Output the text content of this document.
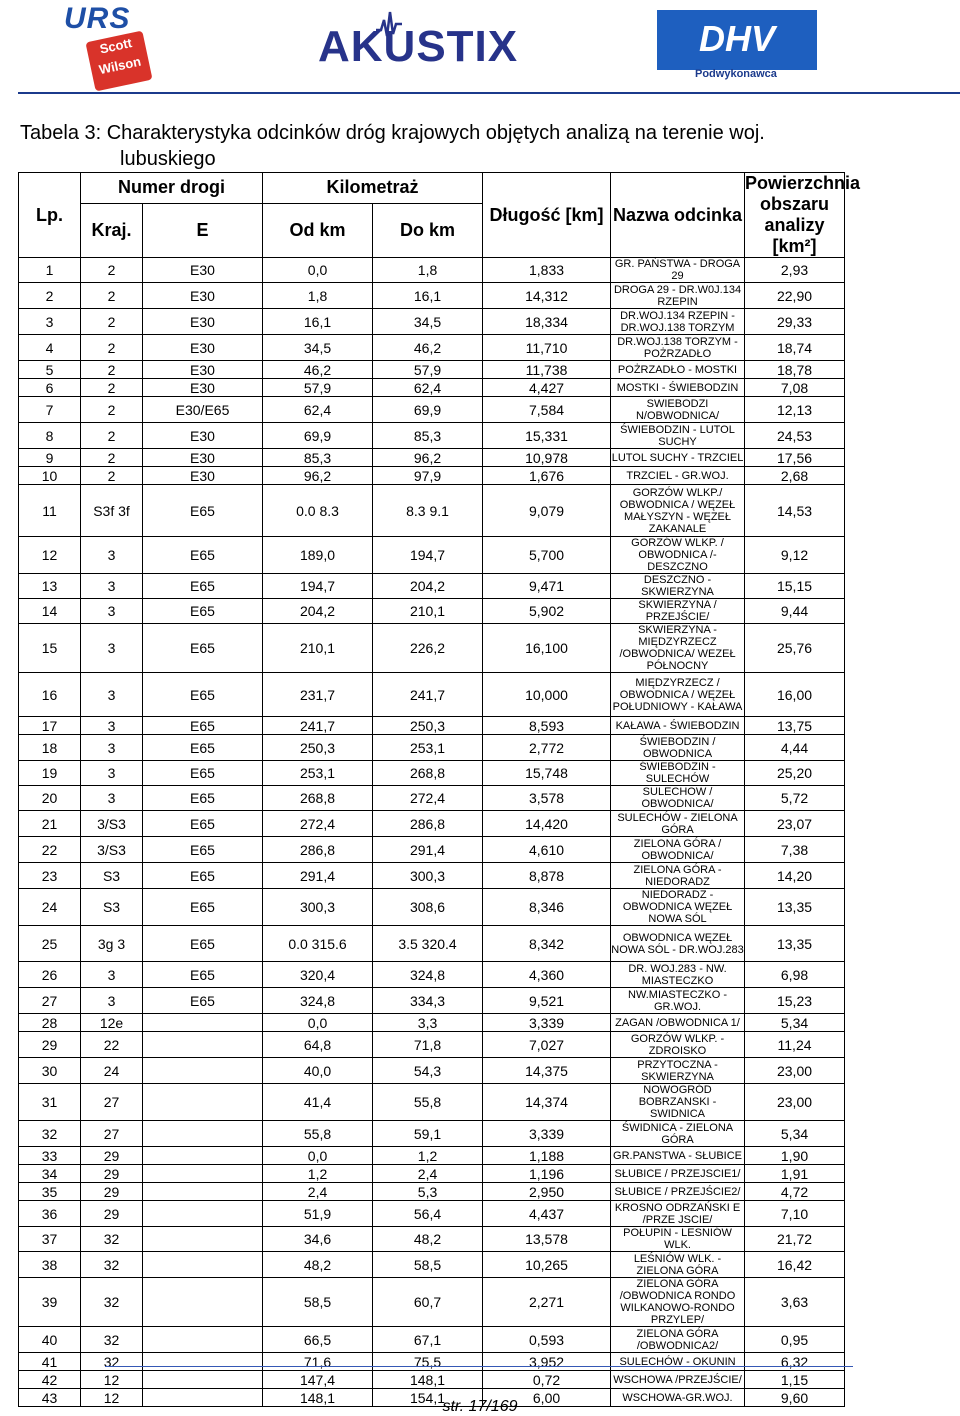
URS
Scott
Wilson	AKUSTIX	DHV
Podwykonawca
Tabela 3: Charakterystyka odcinków dróg krajowych objętych analizą na terenie woj.
lubuskiego
Lp.	Numer drogi		Kilometraż		Długość [km]	Nazwa odcinka	Powierzchnia obszaru analizy [km²]
	Kraj.	E	Od km	Do km			
1	2	E30	0,0	1,8	1,833	GR. PAŃSTWA - DROGA 29	2,93
2	2	E30	1,8	16,1	14,312	DROGA 29 - DR.W0J.134 RZEPIN	22,90
3	2	E30	16,1	34,5	18,334	DR.WOJ.134 RZEPIN - DR.WOJ.138 TORZYM	29,33
4	2	E30	34,5	46,2	11,710	DR.WOJ.138 TORZYM - POŻRZADŁO	18,74
5	2	E30	46,2	57,9	11,738	POŻRZADŁO - MOSTKI	18,78
6	2	E30	57,9	62,4	4,427	MOSTKI - ŚWIEBODZIN	7,08
7	2	E30/E65	62,4	69,9	7,584	SWIEBODZI N/OBWODNICA/	12,13
8	2	E30	69,9	85,3	15,331	ŚWIEBODZIN - LUTOL SUCHY	24,53
9	2	E30	85,3	96,2	10,978	LUTOL SUCHY - TRZCIEL	17,56
10	2	E30	96,2	97,9	1,676	TRZCIEL - GR.WOJ.	2,68
11	S3f 3f	E65	0.0 8.3	8.3 9.1	9,079	GORZÓW WLKP./ OBWODNICA / WĘZEŁ MAŁYSZYN - WĘZEŁ ZAKANALE	14,53
12	3	E65	189,0	194,7	5,700	GORZÓW WLKP. / OBWODNICA /- DESZCZNO	9,12
13	3	E65	194,7	204,2	9,471	DESZCZNO - SKWIERZYNA	15,15
14	3	E65	204,2	210,1	5,902	SKWIERZYNA / PRZEJŚCIE/	9,44
15	3	E65	210,1	226,2	16,100	SKWIERZYNA - MIĘDZYRZECZ /OBWODNICA/ WEZEŁ PÓŁNOCNY	25,76
16	3	E65	231,7	241,7	10,000	MIĘDZYRZECZ / OBWODNICA / WĘZEŁ POŁUDNIOWY - KAŁAWA	16,00
17	3	E65	241,7	250,3	8,593	KAŁAWA - ŚWIEBODZIN	13,75
18	3	E65	250,3	253,1	2,772	ŚWIEBODZIN / OBWODNICA	4,44
19	3	E65	253,1	268,8	15,748	ŚWIEBODZIN - SULECHÓW	25,20
20	3	E65	268,8	272,4	3,578	SULECHOW / OBWODNICA/	5,72
21	3/S3	E65	272,4	286,8	14,420	SULECHÓW - ZIELONA GÓRA	23,07
22	3/S3	E65	286,8	291,4	4,610	ZIELONA GÓRA / OBWODNICA/	7,38
23	S3	E65	291,4	300,3	8,878	ZIELONA GÓRA - NIEDORADZ	14,20
24	S3	E65	300,3	308,6	8,346	NIEDORADZ - OBWODNICA WĘZEŁ NOWA SÓL	13,35
25	3g 3	E65	0.0 315.6	3.5 320.4	8,342	OBWODNICA WĘZEŁ NOWA SÓL - DR.WOJ.283	13,35
26	3	E65	320,4	324,8	4,360	DR. WOJ.283 - NW. MIASTECZKO	6,98
27	3	E65	324,8	334,3	9,521	NW.MIASTECZKO - GR.WOJ.	15,23
28	12e		0,0	3,3	3,339	ZAGAN /OBWODNICA 1/	5,34
29	22		64,8	71,8	7,027	GORZÓW WLKP. - ZDROISKO	11,24
30	24		40,0	54,3	14,375	PRZYTOCZNA - SKWIERZYNA	23,00
31	27		41,4	55,8	14,374	NOWOGRÓD BOBRZANSKI - SWIDNICA	23,00
32	27		55,8	59,1	3,339	ŚWIDNICA - ZIELONA GÓRA	5,34
33	29		0,0	1,2	1,188	GR.PANSTWA - SŁUBICE	1,90
34	29		1,2	2,4	1,196	SŁUBICE / PRZEJSCIE1/	1,91
35	29		2,4	5,3	2,950	SŁUBICE / PRZEJŚCIE2/	4,72
36	29		51,9	56,4	4,437	KROSNO ODRZAŃSKI E /PRZE JSCIE/	7,10
37	32		34,6	48,2	13,578	POŁUPIN - LESNIÓW WLK.	21,72
38	32		48,2	58,5	10,265	LEŚNIÓW WLK. - ZIELONA GÓRA	16,42
39	32		58,5	60,7	2,271	ZIELONA GÓRA /OBWODNICA RONDO WILKANOWO-RONDO PRZYLEP/	3,63
40	32		66,5	67,1	0,593	ZIELONA GÓRA /OBWODNICA2/	0,95
41	32		71,6	75,5	3,952	SULECHÓW - OKUNIN	6,32
42	12		147,4	148,1	0,72	WSCHOWA /PRZEJŚCIE/	1,15
43	12		148,1	154,1	6,00	WSCHOWA-GR.WOJ.	9,60
str. 17/169
